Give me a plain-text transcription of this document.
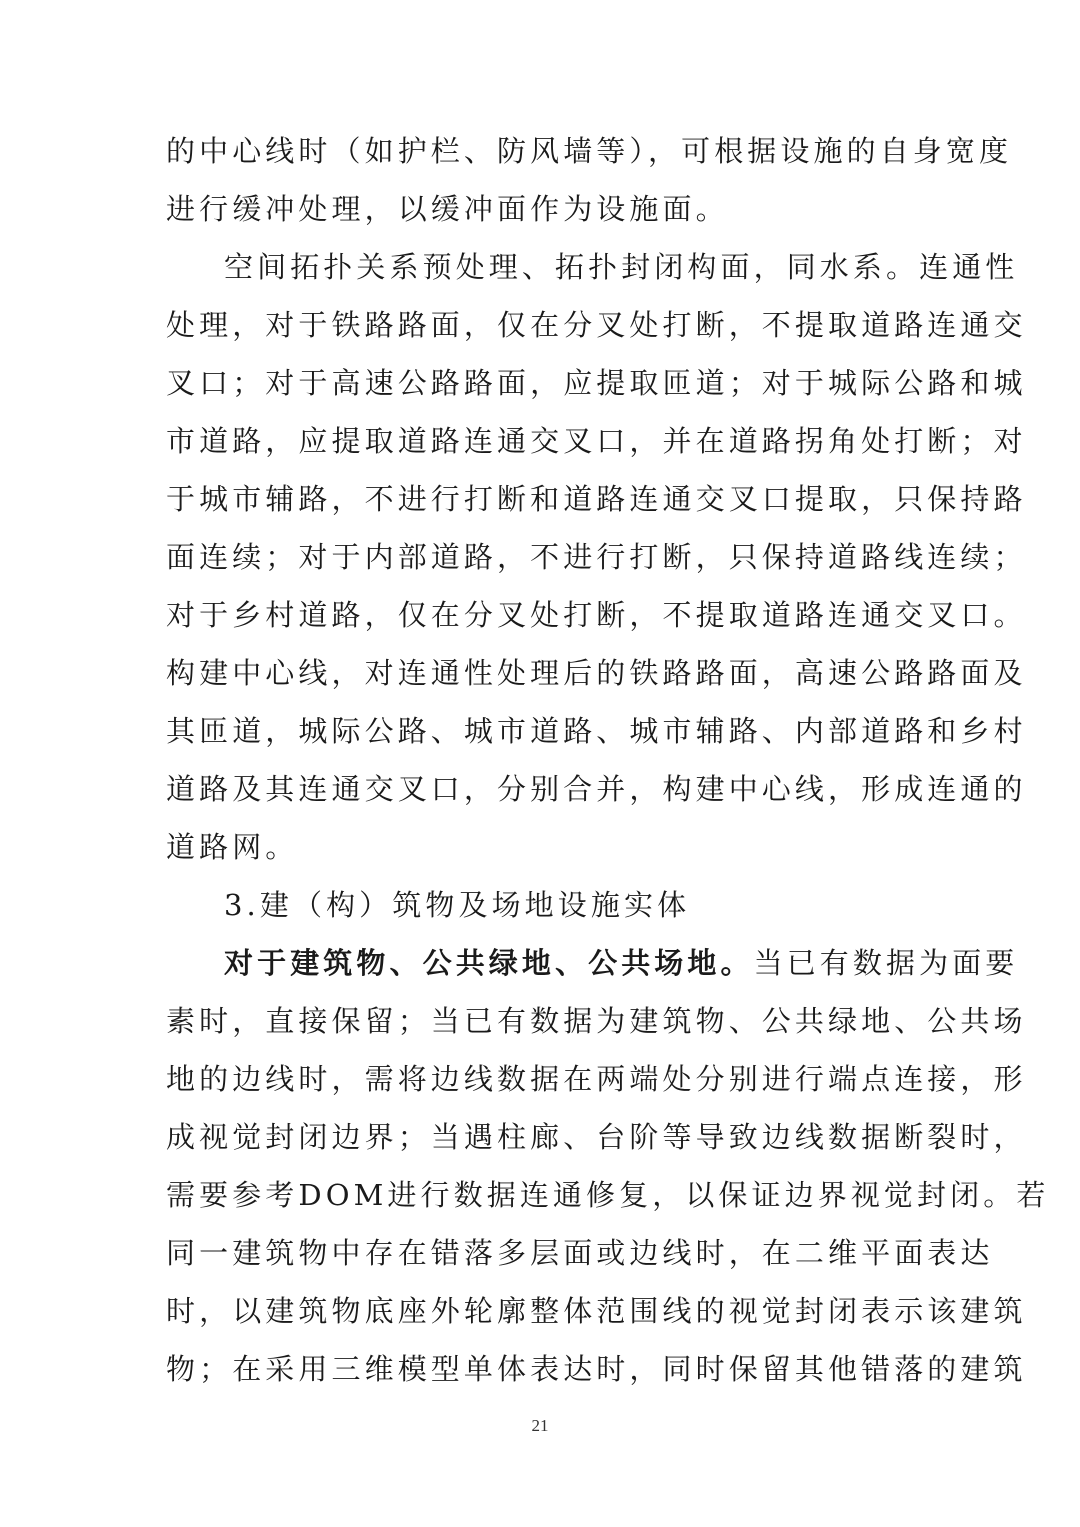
的中心线时（如护栏、防风墙等），可根据设施的自身宽度
进行缓冲处理，以缓冲面作为设施面。
空间拓扑关系预处理、拓扑封闭构面，同水系。连通性
处理，对于铁路路面，仅在分叉处打断，不提取道路连通交
叉口；对于高速公路路面，应提取匝道；对于城际公路和城
市道路，应提取道路连通交叉口，并在道路拐角处打断；对
于城市辅路，不进行打断和道路连通交叉口提取，只保持路
面连续；对于内部道路，不进行打断，只保持道路线连续；
对于乡村道路，仅在分叉处打断，不提取道路连通交叉口。
构建中心线，对连通性处理后的铁路路面，高速公路路面及
其匝道，城际公路、城市道路、城市辅路、内部道路和乡村
道路及其连通交叉口，分别合并，构建中心线，形成连通的
道路网。
3.建（构）筑物及场地设施实体
对于建筑物、公共绿地、公共场地。当已有数据为面要
素时，直接保留；当已有数据为建筑物、公共绿地、公共场
地的边线时，需将边线数据在两端处分别进行端点连接，形
成视觉封闭边界；当遇柱廊、台阶等导致边线数据断裂时，
需要参考DOM进行数据连通修复，以保证边界视觉封闭。若
同一建筑物中存在错落多层面或边线时，在二维平面表达
时，以建筑物底座外轮廓整体范围线的视觉封闭表示该建筑
物；在采用三维模型单体表达时，同时保留其他错落的建筑
21
